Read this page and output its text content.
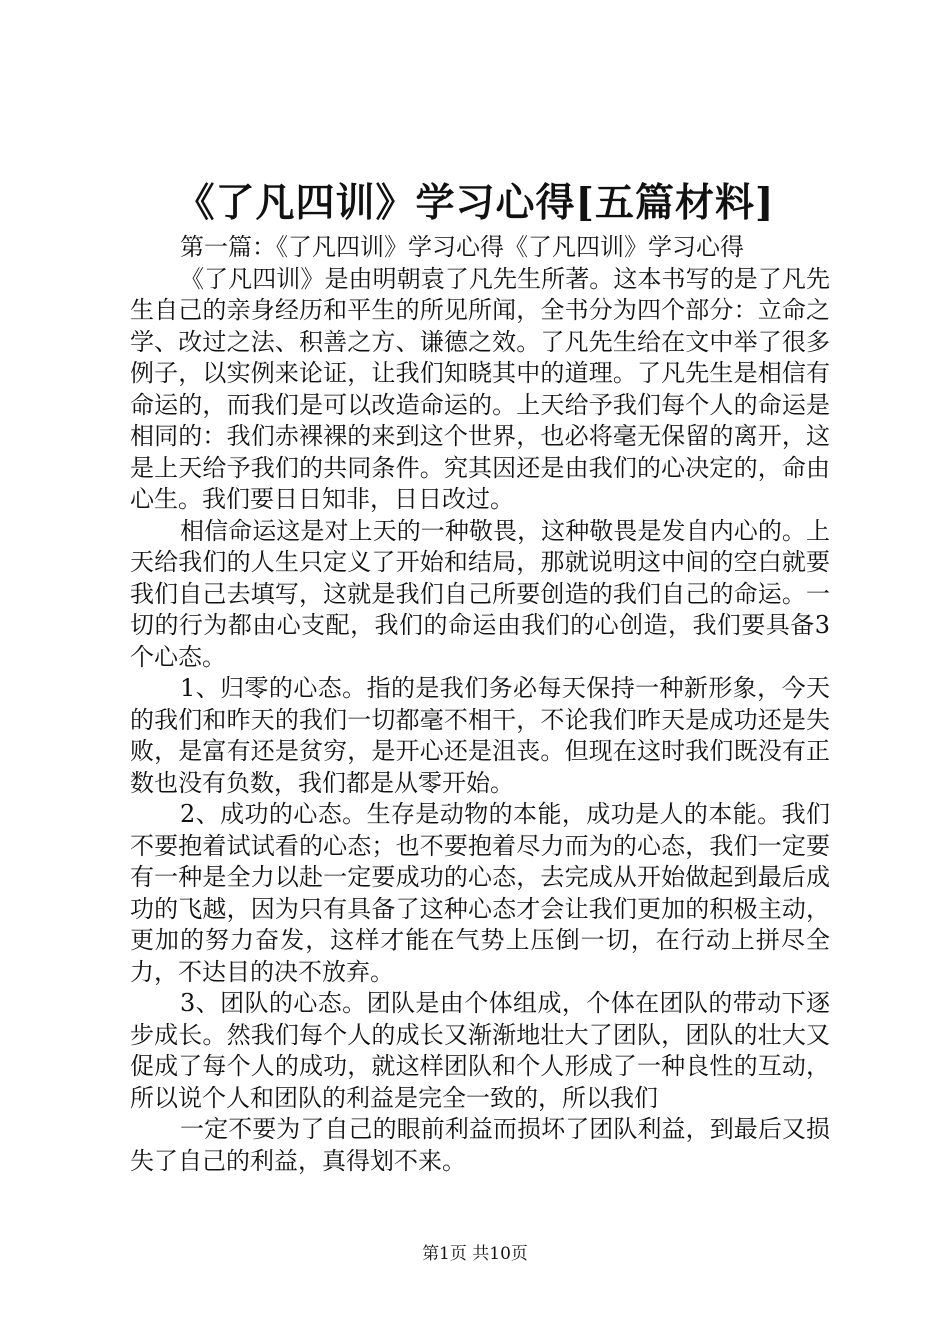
《了凡四训》学习心得[五篇材料]

第一篇：《了凡四训》学习心得《了凡四训》学习心得

《了凡四训》是由明朝袁了凡先生所著。这本书写的是了凡先生自己的亲身经历和平生的所见所闻，全书分为四个部分：立命之学、改过之法、积善之方、谦德之效。了凡先生给在文中举了很多例子，以实例来论证，让我们知晓其中的道理。了凡先生是相信有命运的，而我们是可以改造命运的。上天给予我们每个人的命运是相同的：我们赤裸裸的来到这个世界，也必将毫无保留的离开，这是上天给予我们的共同条件。究其因还是由我们的心决定的，命由心生。我们要日日知非，日日改过。

相信命运这是对上天的一种敬畏，这种敬畏是发自内心的。上天给我们的人生只定义了开始和结局，那就说明这中间的空白就要我们自己去填写，这就是我们自己所要创造的我们自己的命运。一切的行为都由心支配，我们的命运由我们的心创造，我们要具备3个心态。

1、归零的心态。指的是我们务必每天保持一种新形象，今天的我们和昨天的我们一切都毫不相干，不论我们昨天是成功还是失败，是富有还是贫穷，是开心还是沮丧。但现在这时我们既没有正数也没有负数，我们都是从零开始。

2、成功的心态。生存是动物的本能，成功是人的本能。我们不要抱着试试看的心态；也不要抱着尽力而为的心态，我们一定要有一种是全力以赴一定要成功的心态，去完成从开始做起到最后成功的飞越，因为只有具备了这种心态才会让我们更加的积极主动，更加的努力奋发，这样才能在气势上压倒一切，在行动上拼尽全力，不达目的决不放弃。

3、团队的心态。团队是由个体组成，个体在团队的带动下逐步成长。然我们每个人的成长又渐渐地壮大了团队，团队的壮大又促成了每个人的成功，就这样团队和个人形成了一种良性的互动，所以说个人和团队的利益是完全一致的，所以我们

一定不要为了自己的眼前利益而损坏了团队利益，到最后又损失了自己的利益，真得划不来。

第1页 共10页
